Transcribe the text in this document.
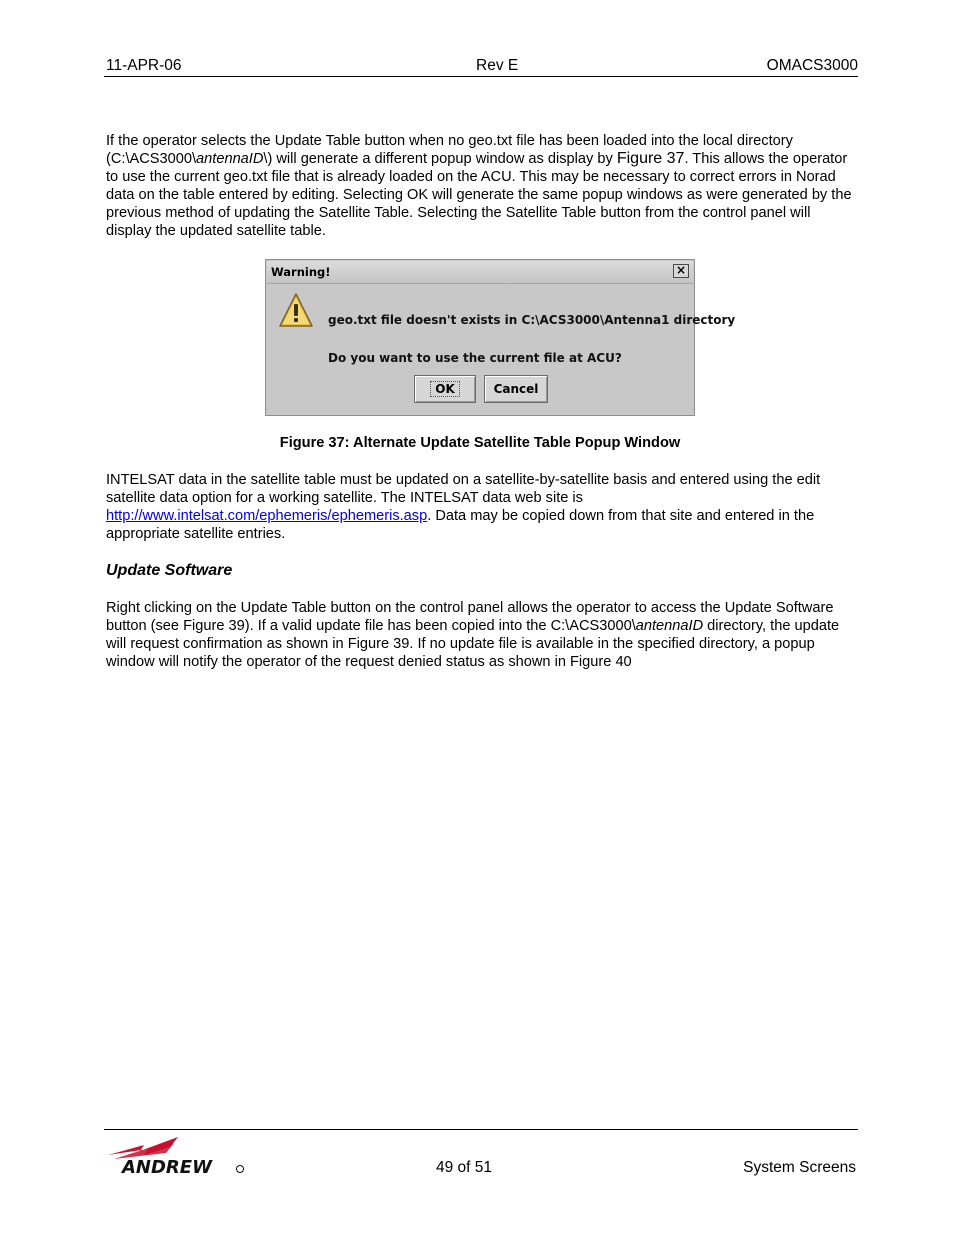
11-APR-06	Rev E	OMACS3000

If the operator selects the Update Table button when no geo.txt file has been loaded into the local directory (C:\ACS3000\antennaID\) will generate a different popup window as display by Figure 37. This allows the operator to use the current geo.txt file that is already loaded on the ACU. This may be necessary to correct errors in Norad data on the table entered by editing. Selecting OK will generate the same popup windows as were generated by the previous method of updating the Satellite Table. Selecting the Satellite Table button from the control panel will display the updated satellite table.

Warning!	×
geo.txt file doesn't exists in C:\ACS3000\Antenna1 directory
Do you want to use the current file at ACU?
OK	Cancel
Figure 37: Alternate Update Satellite Table Popup Window

INTELSAT data in the satellite table must be updated on a satellite-by-satellite basis and entered using the edit satellite data option for a working satellite. The INTELSAT data web site is http://www.intelsat.com/ephemeris/ephemeris.asp. Data may be copied down from that site and entered in the appropriate satellite entries.

Update Software

Right clicking on the Update Table button on the control panel allows the operator to access the Update Software button (see Figure 39). If a valid update file has been copied into the C:\ACS3000\antennaID directory, the update will request confirmation as shown in Figure 39. If no update file is available in the specified directory, a popup window will notify the operator of the request denied status as shown in Figure 40

ANDREW	49 of 51	System Screens
